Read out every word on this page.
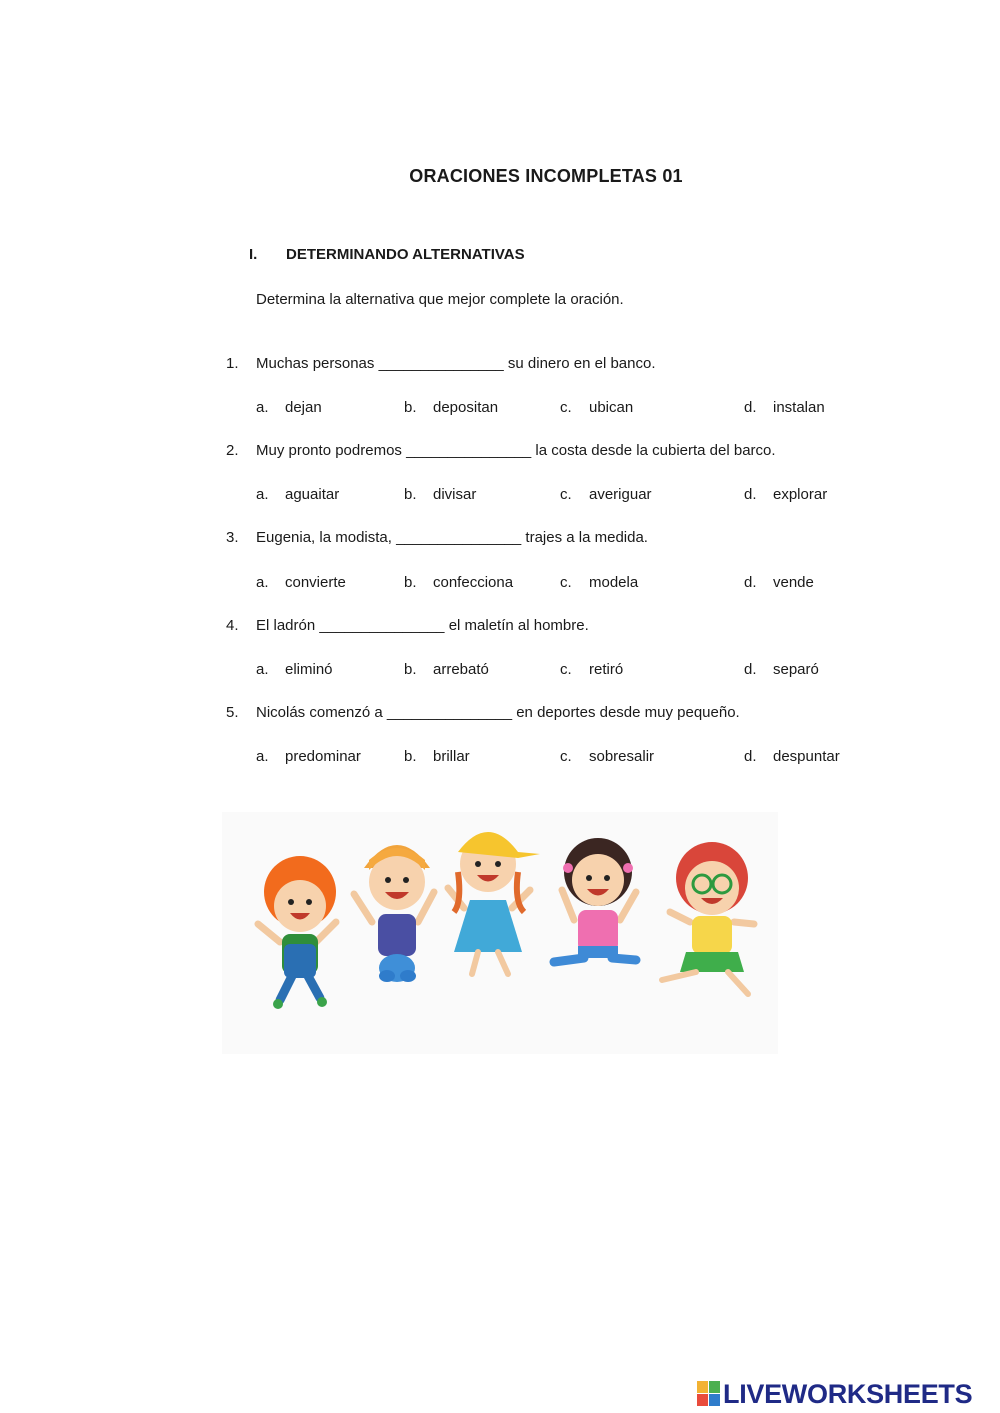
ORACIONES INCOMPLETAS 01
I. DETERMINANDO ALTERNATIVAS
Determina la alternativa que mejor complete la oración.
1. Muchas personas _______________ su dinero en el banco.
a. dejan	b. depositan	c. ubican	d. instalan
2. Muy pronto podremos _______________ la costa desde la cubierta del barco.
a. aguaitar	b. divisar	c. averiguar	d. explorar
3. Eugenia, la modista, _______________ trajes a la medida.
a. convierte	b. confecciona	c. modela	d. vende
4. El ladrón _______________ el maletín al hombre.
a. eliminó	b. arrebató	c. retiró	d. separó
5. Nicolás comenzó a _______________ en deportes desde muy pequeño.
a. predominar	b. brillar	c. sobresalir	d. despuntar
LIVEWORKSHEETS
